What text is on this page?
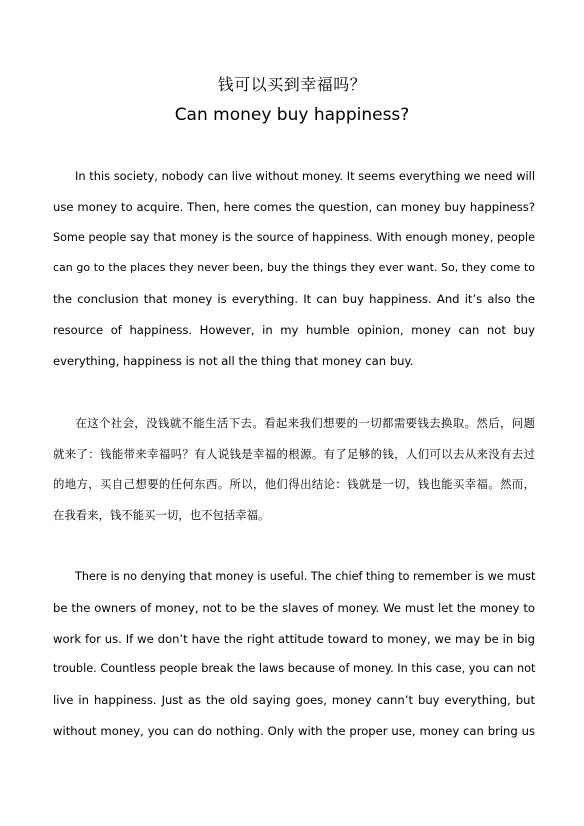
钱可以买到幸福吗？
Can money buy happiness?
In this society, nobody can live without money. It seems everything we need will
use money to acquire. Then, here comes the question, can money buy happiness?
Some people say that money is the source of happiness. With enough money, people
can go to the places they never been, buy the things they ever want. So, they come to
the conclusion that money is everything. It can buy happiness. And it’s also the
resource of happiness. However, in my humble opinion, money can not buy
everything, happiness is not all the thing that money can buy.
在这个社会，没钱就不能生活下去。看起来我们想要的一切都需要钱去换取。然后，问题
就来了：钱能带来幸福吗？有人说钱是幸福的根源。有了足够的钱，人们可以去从来没有去过
的地方，买自己想要的任何东西。所以，他们得出结论：钱就是一切，钱也能买幸福。然而，
在我看来，钱不能买一切，也不包括幸福。
There is no denying that money is useful. The chief thing to remember is we must
be the owners of money, not to be the slaves of money. We must let the money to
work for us. If we don’t have the right attitude toward to money, we may be in big
trouble. Countless people break the laws because of money. In this case, you can not
live in happiness. Just as the old saying goes, money cann’t buy everything, but
without money, you can do nothing. Only with the proper use, money can bring us
